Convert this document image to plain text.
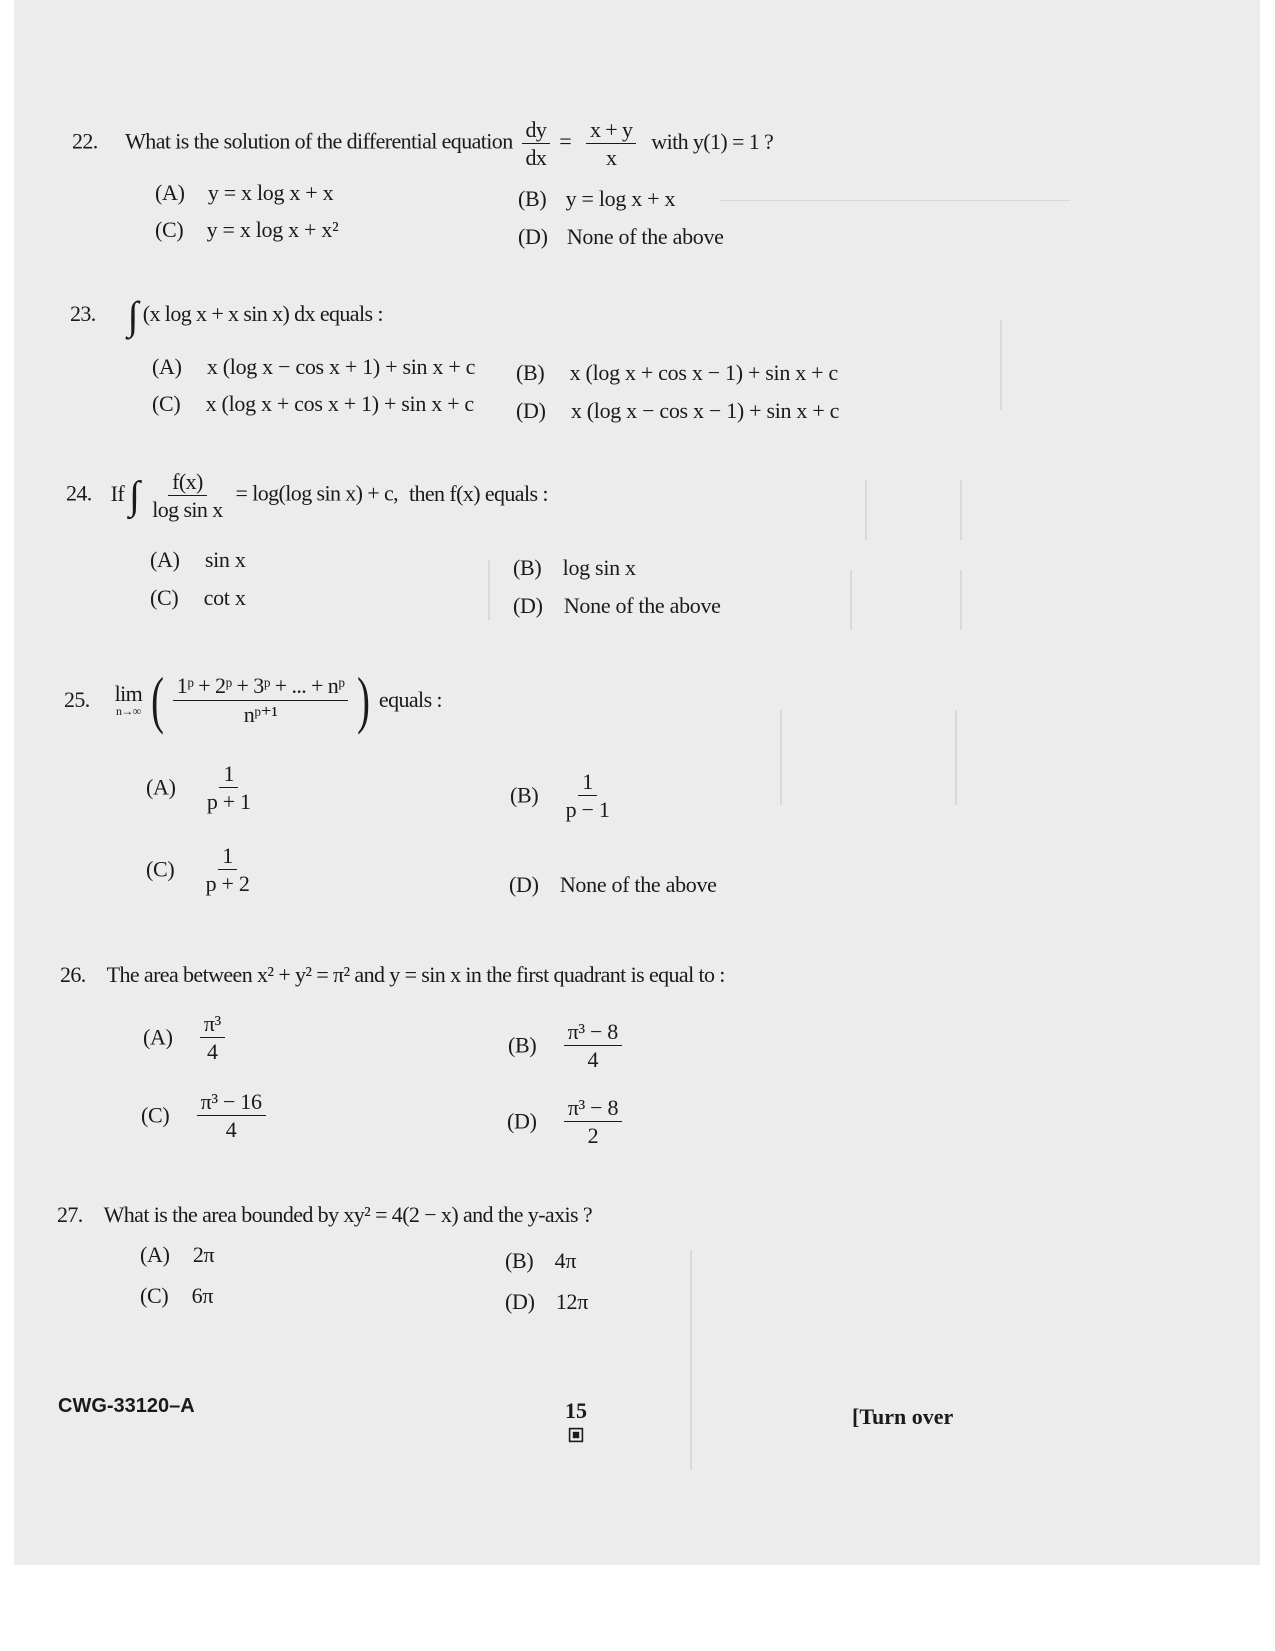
22. What is the solution of the differential equation $\frac{dy}{dx} = \frac{x + y}{x}$ with y(1) = 1 ?
(A) y = x log x + x	(B) y = log x + x
(C) y = x log x + x²	(D) None of the above
23. ∫ (x log x + x sin x) dx equals :
(A) x (log x − cos x + 1) + sin x + c (B) x (log x + cos x − 1) + sin x + c
(C) x (log x + cos x + 1) + sin x + c (D) x (log x − cos x − 1) + sin x + c
24. If ∫ $\frac{f(x)}{\text{log sin x}} = \log(\log$ sin x) + c, then f(x) equals :
(A) sin x	(B) log sin x
(C) cot x	(D) None of the above
25. lim
n→∞ ( $\frac{\text{1ᵖ + 2ᵖ + 3ᵖ + ... + nᵖ}}{\text{nᵖ⁺¹}}$ ) equals :
$(A) \frac{1}{p + 1}$	$(B) \frac{1}{p - 1}$
$(C) \frac{1}{p + 2}$	(D) None of the above
26. The area between x² + y² = π² and y = sin x in the first quadrant is equal to :
$(A) \frac{\text{π³}}{4}$	$(B) \frac{\text{π³ − 8}}{4}$
$(C) \frac{\text{π³ − 16}}{4}$	$(D) \frac{\text{π³ − 8}}{2}$
27. What is the area bounded by xy² = 4(2 − x) and the y-axis ?
(A) 2π	(B) 4π
(C) 6π	(D) 12π
CWG-33120–A	15	[Turn over
